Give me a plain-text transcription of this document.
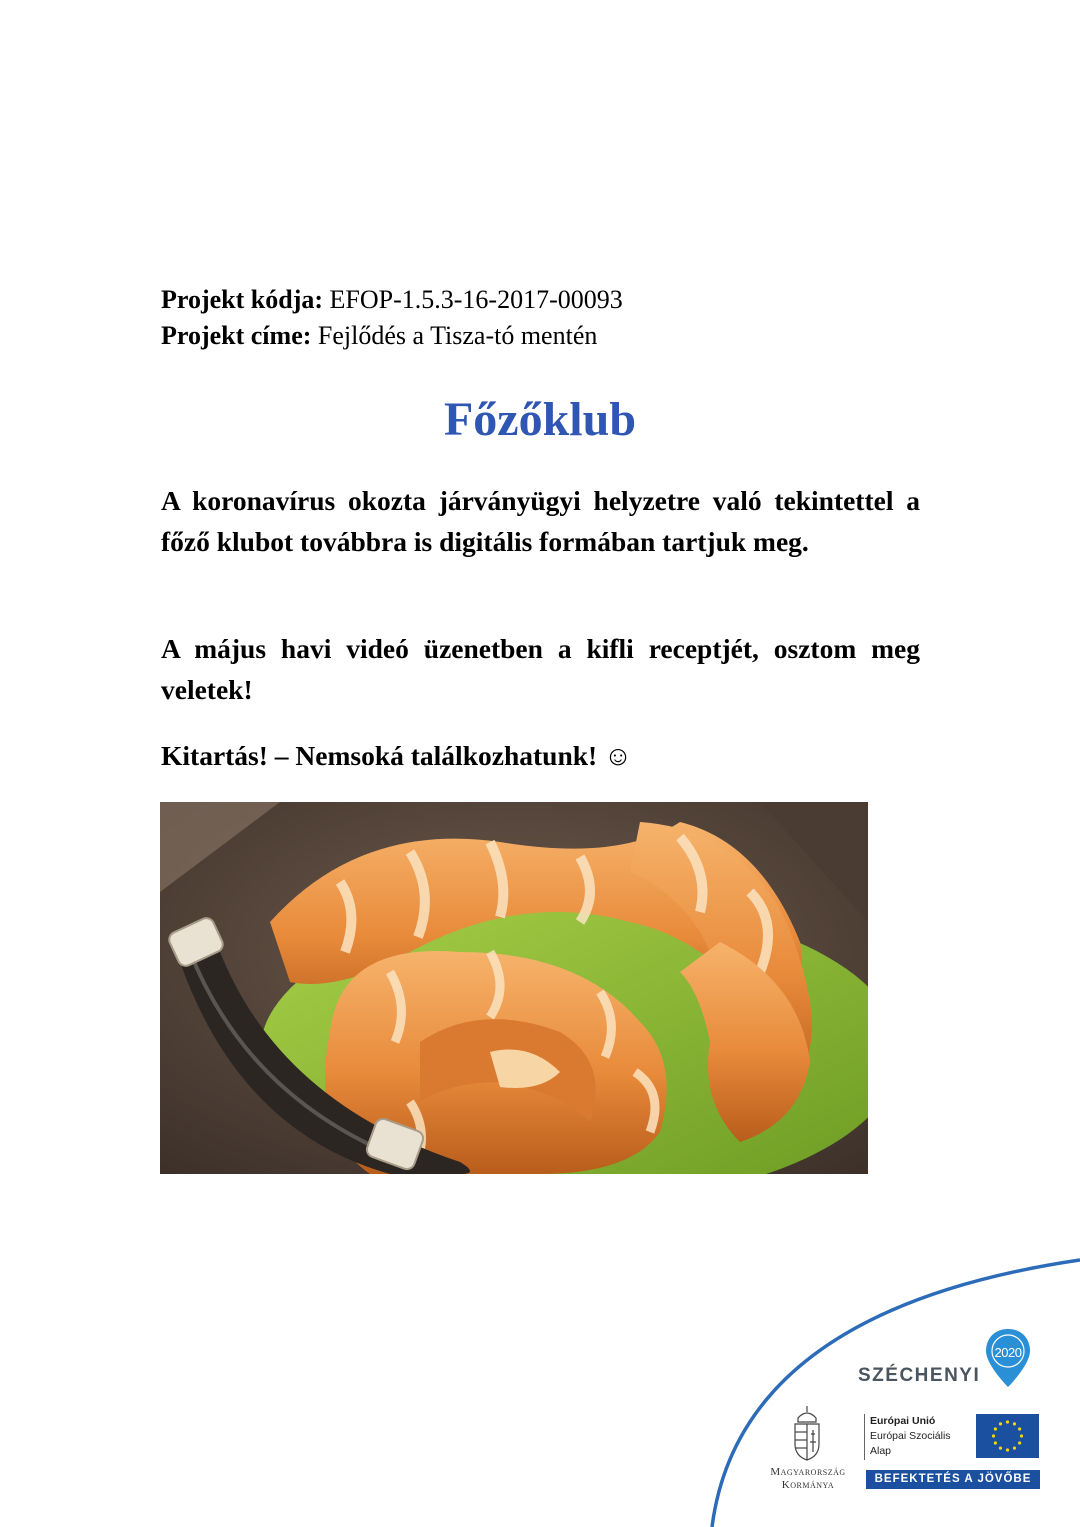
Projekt kódja: EFOP-1.5.3-16-2017-00093
Projekt címe: Fejlődés a Tisza-tó mentén
Főzőklub
A koronavírus okozta járványügyi helyzetre való tekintettel a főző klubot továbbra is digitális formában tartjuk meg.
A május havi videó üzenetben a kifli receptjét, osztom meg veletek!
Kitartás! – Nemsoká találkozhatunk! ☺
SZÉCHENYI
2020
Magyarország Kormánya
Európai Unió
Európai Szociális
Alap
BEFEKTETÉS A JÖVŐBE
